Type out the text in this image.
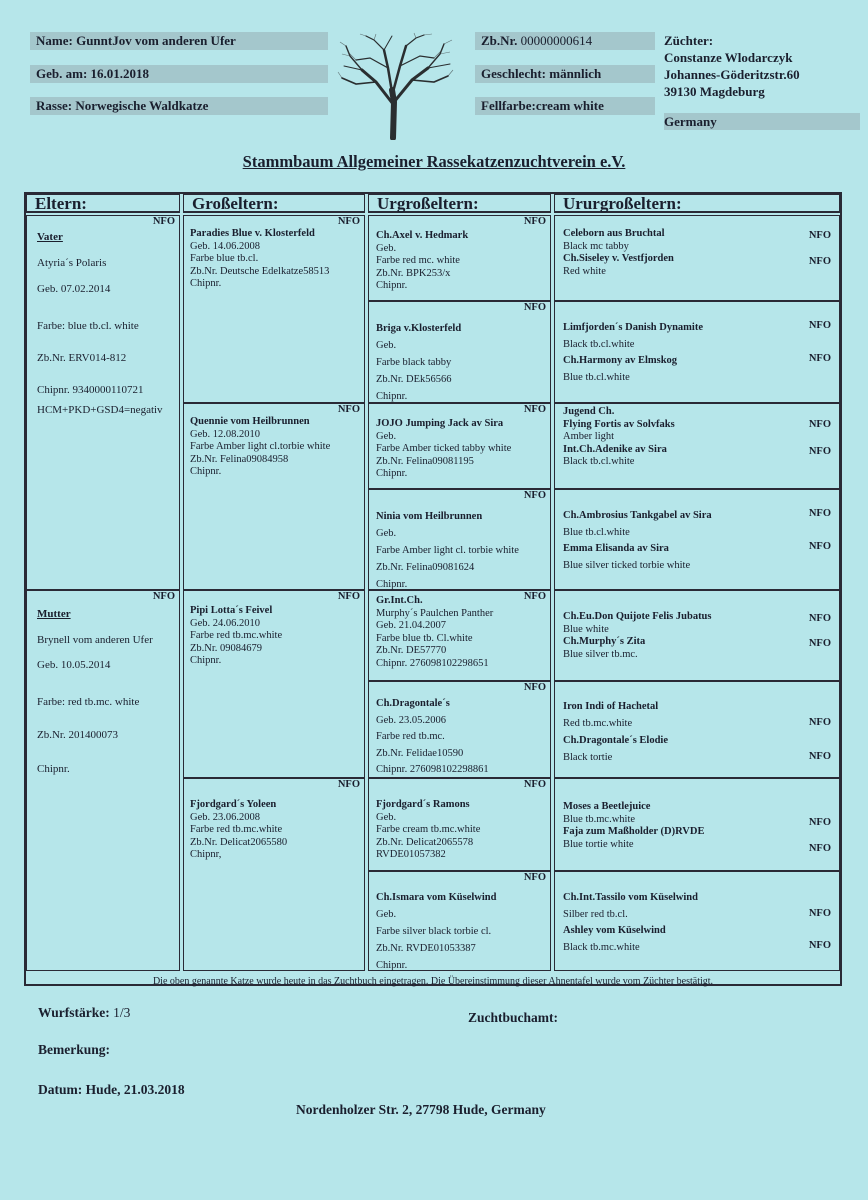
Name: GunntJov vom anderen Ufer
Geb. am: 16.01.2018
Rasse: Norwegische Waldkatze
Zb.Nr. 00000000614
Geschlecht: männlich
Fellfarbe:cream white
Züchter:
Constanze Wlodarczyk
Johannes-Göderitzstr.60
39130 Magdeburg
Germany
Stammbaum Allgemeiner Rassekatzenzuchtverein e.V.
Eltern:	Großeltern:	Urgroßeltern:	Ururgroßeltern:
NFO
Vater
Atyria´s Polaris
Geb. 07.02.2014
Farbe: blue tb.cl. white
Zb.Nr. ERV014-812
Chipnr. 9340000110721
HCM+PKD+GSD4=negativ
NFO
Mutter
Brynell vom anderen Ufer
Geb. 10.05.2014
Farbe: red tb.mc. white
Zb.Nr. 201400073
Chipnr.
NFO
Paradies Blue v. Klosterfeld
Geb. 14.06.2008
Farbe blue tb.cl.
Zb.Nr. Deutsche Edelkatze58513
Chipnr.
NFO
Quennie vom Heilbrunnen
Geb. 12.08.2010
Farbe Amber light cl.torbie white
Zb.Nr. Felina09084958
Chipnr.
NFO
Pipi Lotta´s Feivel
Geb. 24.06.2010
Farbe red tb.mc.white
Zb.Nr. 09084679
Chipnr.
NFO
Fjordgard´s Yoleen
Geb. 23.06.2008
Farbe red tb.mc.white
Zb.Nr. Delicat2065580
Chipnr,
NFO
Ch.Axel v. Hedmark
Geb.
Farbe red mc. white
Zb.Nr. BPK253/x
Chipnr.
NFO
Briga v.Klosterfeld
Geb.
Farbe black tabby
Zb.Nr. DEk56566
Chipnr.
NFO
JOJO Jumping Jack av Sira
Geb.
Farbe Amber ticked tabby white
Zb.Nr. Felina09081195
Chipnr.
NFO
Ninia vom Heilbrunnen
Geb.
Farbe Amber light cl. torbie white
Zb.Nr. Felina09081624
Chipnr.
NFO
Gr.Int.Ch.
Murphy´s Paulchen Panther
Geb. 21.04.2007
Farbe blue tb. Cl.white
Zb.Nr. DE57770
Chipnr. 276098102298651
NFO
Ch.Dragontale´s
Geb. 23.05.2006
Farbe red tb.mc.
Zb.Nr. Felidae10590
Chipnr. 276098102298861
NFO
Fjordgard´s Ramons
Geb.
Farbe cream tb.mc.white
Zb.Nr. Delicat2065578
RVDE01057382
NFO
Ch.Ismara vom Küselwind
Geb.
Farbe silver black torbie cl.
Zb.Nr. RVDE01053387
Chipnr.
Celeborn aus Bruchtal
Black mc tabby
Ch.Siseley v. Vestfjorden
Red white
NFO
NFO
Limfjorden´s Danish Dynamite
Black tb.cl.white
Ch.Harmony av Elmskog
Blue tb.cl.white
NFO
NFO
Jugend Ch.
Flying Fortis av Solvfaks
Amber light
Int.Ch.Adenike av Sira
Black tb.cl.white
NFO
NFO
Ch.Ambrosius Tankgabel av Sira
Blue tb.cl.white
Emma Elisanda av Sira
Blue silver ticked torbie white
NFO
NFO
Ch.Eu.Don Quijote Felis Jubatus
Blue white
Ch.Murphy´s Zita
Blue silver tb.mc.
NFO
NFO
Iron Indi of Hachetal
Red tb.mc.white
Ch.Dragontale´s Elodie
Black tortie
NFO
NFO
Moses a Beetlejuice
Blue tb.mc.white
Faja zum Maßholder (D)RVDE
Blue tortie white
NFO
NFO
Ch.Int.Tassilo vom Küselwind
Silber red tb.cl.
Ashley vom Küselwind
Black tb.mc.white
NFO
NFO
Die oben genannte Katze wurde heute in das Zuchtbuch eingetragen. Die Übereinstimmung dieser Ahnentafel wurde vom Züchter bestätigt.
Wurfstärke: 1/3	Zuchtbuchamt:
Bemerkung:
Datum: Hude, 21.03.2018
Nordenholzer Str. 2, 27798 Hude, Germany
